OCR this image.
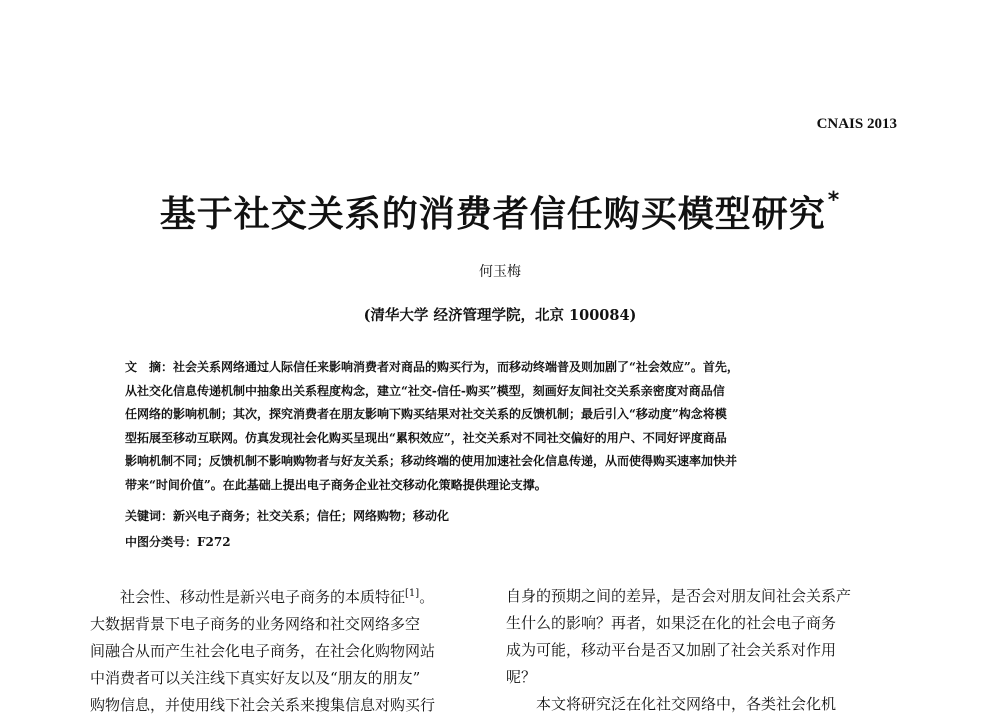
CNAIS 2013
基于社交关系的消费者信任购买模型研究*
何玉梅
(清华大学 经济管理学院，北京 100084)
文　摘：社会关系网络通过人际信任来影响消费者对商品的购买行为，而移动终端普及则加剧了“社会效应”。首先，
从社交化信息传递机制中抽象出关系程度构念，建立“社交-信任-购买”模型，刻画好友间社交关系亲密度对商品信
任网络的影响机制；其次，探究消费者在朋友影响下购买结果对社交关系的反馈机制；最后引入“移动度”构念将模
型拓展至移动互联网。仿真发现社会化购买呈现出“累积效应”，社交关系对不同社交偏好的用户、不同好评度商品
影响机制不同；反馈机制不影响购物者与好友关系；移动终端的使用加速社会化信息传递，从而使得购买速率加快并
带来“时间价值”。在此基础上提出电子商务企业社交移动化策略提供理论支撑。
关键词：新兴电子商务；社交关系；信任；网络购物；移动化
中图分类号：F272
　　社会性、移动性是新兴电子商务的本质特征[1]。
大数据背景下电子商务的业务网络和社交网络多空
间融合从而产生社会化电子商务，在社会化购物网站
中消费者可以关注线下真实好友以及“朋友的朋友”
购物信息，并使用线下社会关系来搜集信息对购买行
自身的预期之间的差异，是否会对朋友间社会关系产
生什么的影响？再者，如果泛在化的社会电子商务
成为可能，移动平台是否又加剧了社会关系对作用
呢？
　　本文将研究泛在化社交网络中，各类社会化机
